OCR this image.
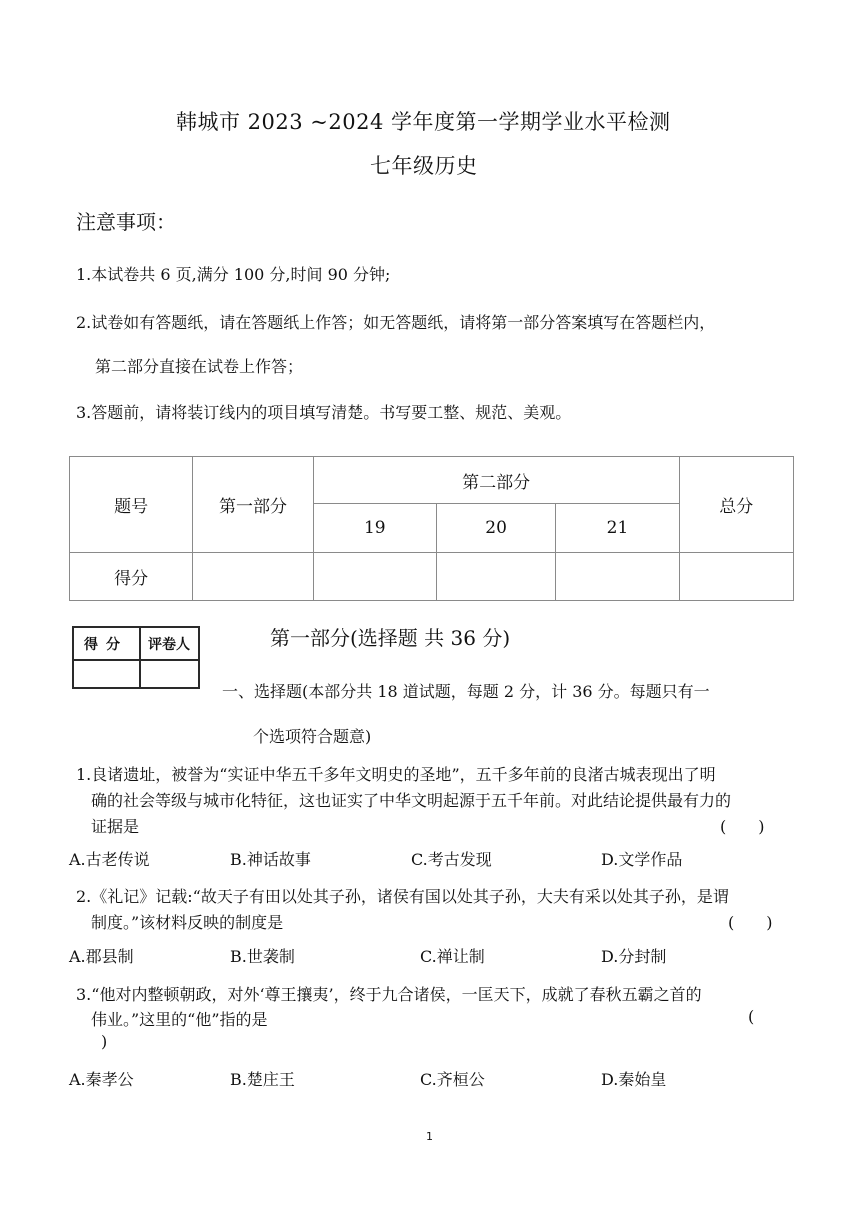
韩城市 2023 ~2024 学年度第一学期学业水平检测
七年级历史
注意事项：
1.本试卷共 6 页,满分 100 分,时间 90 分钟;
2.试卷如有答题纸，请在答题纸上作答；如无答题纸，请将第一部分答案填写在答题栏内，
第二部分直接在试卷上作答；
3.答题前，请将装订线内的项目填写清楚。书写要工整、规范、美观。
题号	第一部分	第二部分			总分
		19	20	21	
得分					
得分 评卷人	第一部分(选择题 共 36 分)
一、选择题(本部分共 18 道试题，每题 2 分，计 36 分。每题只有一
个选项符合题意)
1.良诸遗址，被誉为“实证中华五千多年文明史的圣地”，五千多年前的良渚古城表现出了明
确的社会等级与城市化特征，这也证实了中华文明起源于五千年前。对此结论提供最有力的
证据是	(　　)
A.古老传说	B.神话故事	C.考古发现	D.文学作品
2.《礼记》记载:“故天子有田以处其子孙，诸侯有国以处其子孙，大夫有采以处其子孙，是谓
制度。”该材料反映的制度是	(　　)
A.郡县制	B.世袭制	C.禅让制	D.分封制
3.“他对内整顿朝政，对外‘尊王攘夷’，终于九合诸侯，一匡天下，成就了春秋五霸之首的
伟业。”这里的“他”指的是	(
)
A.秦孝公	B.楚庄王	C.齐桓公	D.秦始皇
1
